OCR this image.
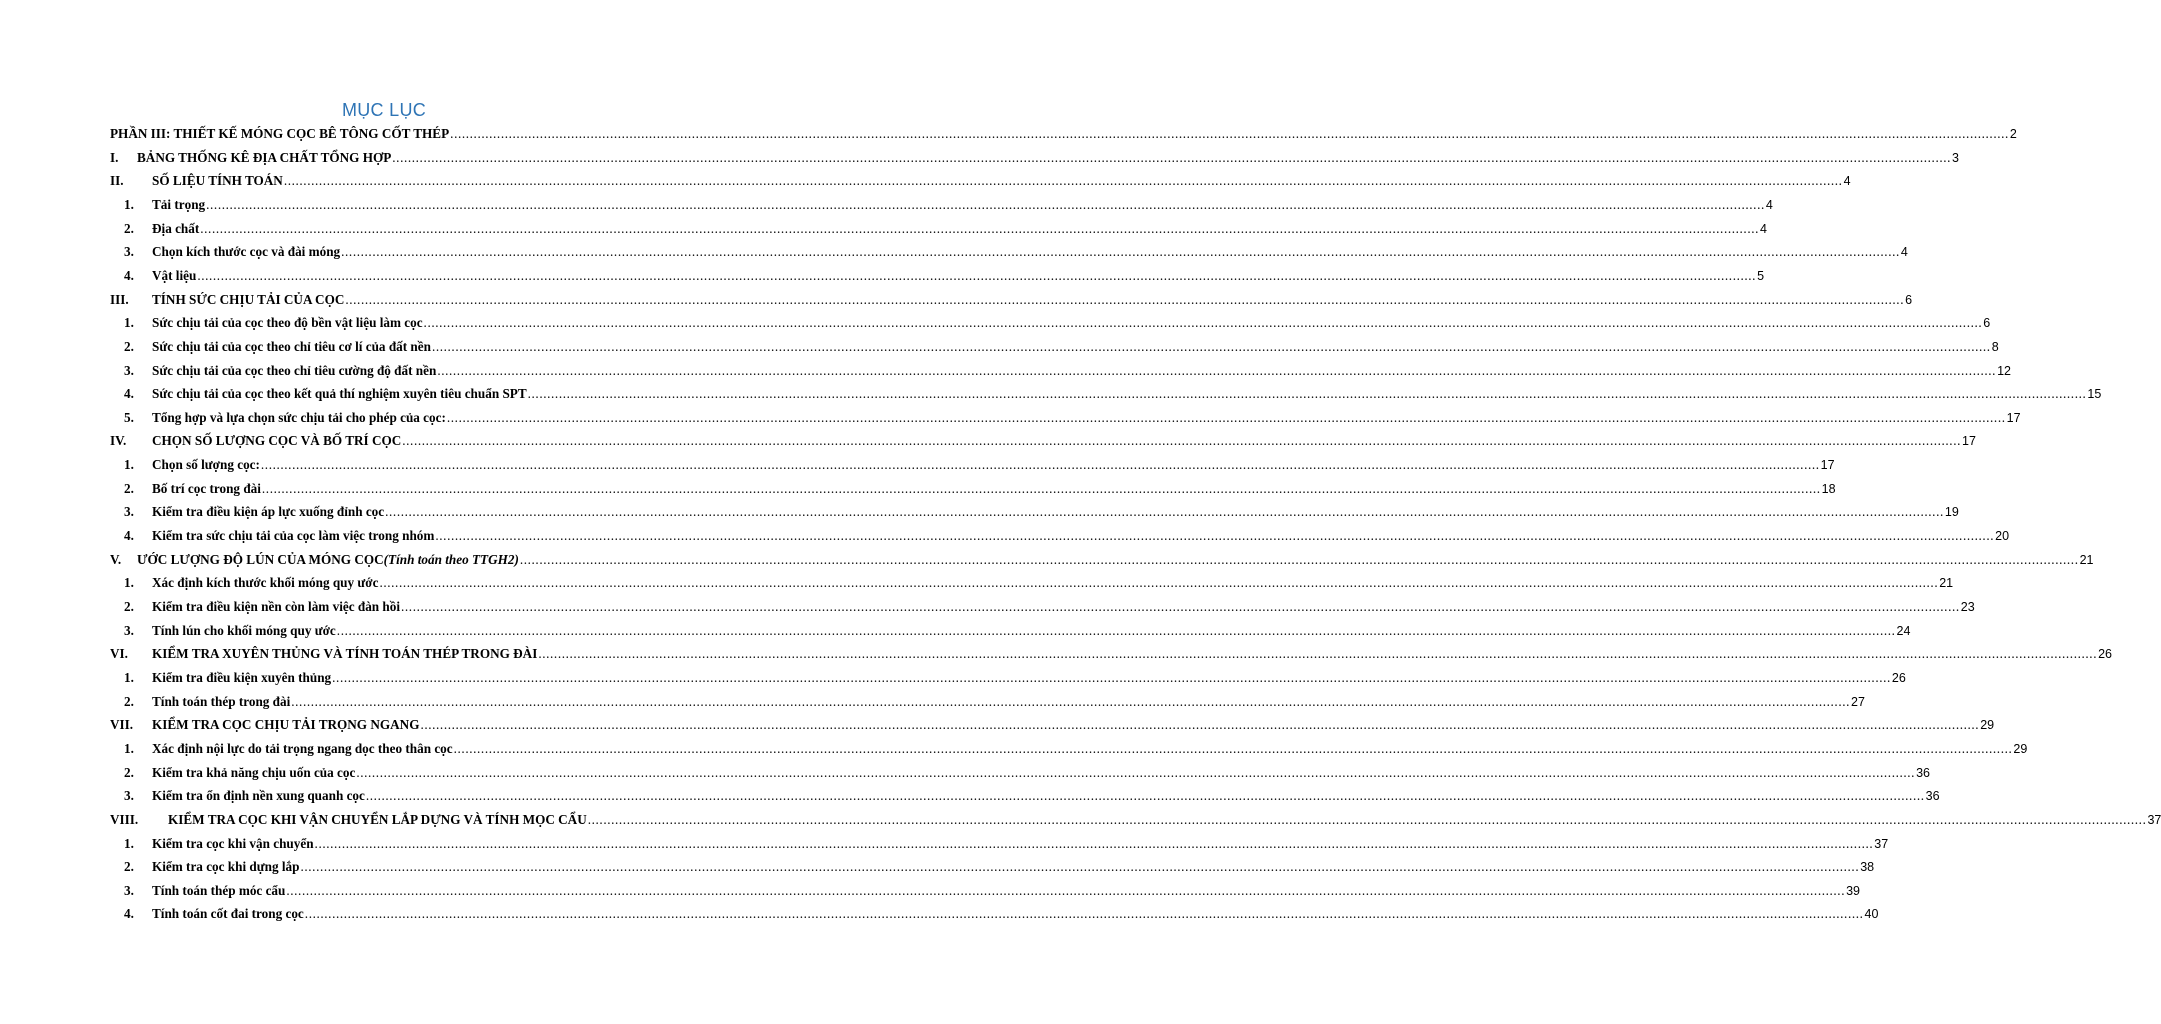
MỤC LỤC
PHẦN III: THIẾT KẾ MÓNG CỌC BÊ TÔNG CỐT THÉP ................................................................................................................................................................................................................................................................................................................................................................................................................ 2
I. BẢNG THỐNG KÊ ĐỊA CHẤT TỔNG HỢP ................................................................................................................................................................................................................................................................................................................................................................................................................ 3
II. SỐ LIỆU TÍNH TOÁN ................................................................................................................................................................................................................................................................................................................................................................................................................ 4
1. Tải trọng ................................................................................................................................................................................................................................................................................................................................................................................................................ 4
2. Địa chất ................................................................................................................................................................................................................................................................................................................................................................................................................ 4
3. Chọn kích thước cọc và đài móng ................................................................................................................................................................................................................................................................................................................................................................................................................ 4
4. Vật liệu ................................................................................................................................................................................................................................................................................................................................................................................................................ 5
III. TÍNH SỨC CHỊU TẢI CỦA CỌC ................................................................................................................................................................................................................................................................................................................................................................................................................ 6
1. Sức chịu tải của cọc theo độ bền vật liệu làm cọc ................................................................................................................................................................................................................................................................................................................................................................................................................ 6
2. Sức chịu tải của cọc theo chỉ tiêu cơ lí của đất nền ................................................................................................................................................................................................................................................................................................................................................................................................................ 8
3. Sức chịu tải của cọc theo chỉ tiêu cường độ đất nền ................................................................................................................................................................................................................................................................................................................................................................................................................ 12
4. Sức chịu tải của cọc theo kết quả thí nghiệm xuyên tiêu chuẩn SPT ................................................................................................................................................................................................................................................................................................................................................................................................................ 15
5. Tổng hợp và lựa chọn sức chịu tải cho phép của cọc: ................................................................................................................................................................................................................................................................................................................................................................................................................ 17
IV. CHỌN SỐ LƯỢNG CỌC VÀ BỐ TRÍ CỌC ................................................................................................................................................................................................................................................................................................................................................................................................................ 17
1. Chọn số lượng cọc: ................................................................................................................................................................................................................................................................................................................................................................................................................ 17
2. Bố trí cọc trong đài ................................................................................................................................................................................................................................................................................................................................................................................................................ 18
3. Kiểm tra điều kiện áp lực xuống đỉnh cọc ................................................................................................................................................................................................................................................................................................................................................................................................................ 19
4. Kiểm tra sức chịu tải của cọc làm việc trong nhóm ................................................................................................................................................................................................................................................................................................................................................................................................................ 20
V. ƯỚC LƯỢNG ĐỘ LÚN CỦA MÓNG CỌC (Tính toán theo TTGH2) ................................................................................................................................................................................................................................................................................................................................................................................................................ 21
1. Xác định kích thước khối móng quy ước ................................................................................................................................................................................................................................................................................................................................................................................................................ 21
2. Kiểm tra điều kiện nền còn làm việc đàn hồi ................................................................................................................................................................................................................................................................................................................................................................................................................ 23
3. Tính lún cho khối móng quy ước ................................................................................................................................................................................................................................................................................................................................................................................................................ 24
VI. KIỂM TRA XUYÊN THỦNG VÀ TÍNH TOÁN THÉP TRONG ĐÀI ................................................................................................................................................................................................................................................................................................................................................................................................................ 26
1. Kiểm tra điều kiện xuyên thủng ................................................................................................................................................................................................................................................................................................................................................................................................................ 26
2. Tính toán thép trong đài ................................................................................................................................................................................................................................................................................................................................................................................................................ 27
VII. KIỂM TRA CỌC CHỊU TẢI TRỌNG NGANG ................................................................................................................................................................................................................................................................................................................................................................................................................ 29
1. Xác định nội lực do tải trọng ngang dọc theo thân cọc ................................................................................................................................................................................................................................................................................................................................................................................................................ 29
2. Kiểm tra khả năng chịu uốn của cọc ................................................................................................................................................................................................................................................................................................................................................................................................................ 36
3. Kiểm tra ổn định nền xung quanh cọc ................................................................................................................................................................................................................................................................................................................................................................................................................ 36
VIII. KIỂM TRA CỌC KHI VẬN CHUYỂN LẮP DỰNG VÀ TÍNH MỌC CẨU ................................................................................................................................................................................................................................................................................................................................................................................................................ 37
1. Kiểm tra cọc khi vận chuyển ................................................................................................................................................................................................................................................................................................................................................................................................................ 37
2. Kiểm tra cọc khi dựng lắp ................................................................................................................................................................................................................................................................................................................................................................................................................ 38
3. Tính toán thép móc cẩu ................................................................................................................................................................................................................................................................................................................................................................................................................ 39
4. Tính toán cốt đai trong cọc ................................................................................................................................................................................................................................................................................................................................................................................................................ 40
